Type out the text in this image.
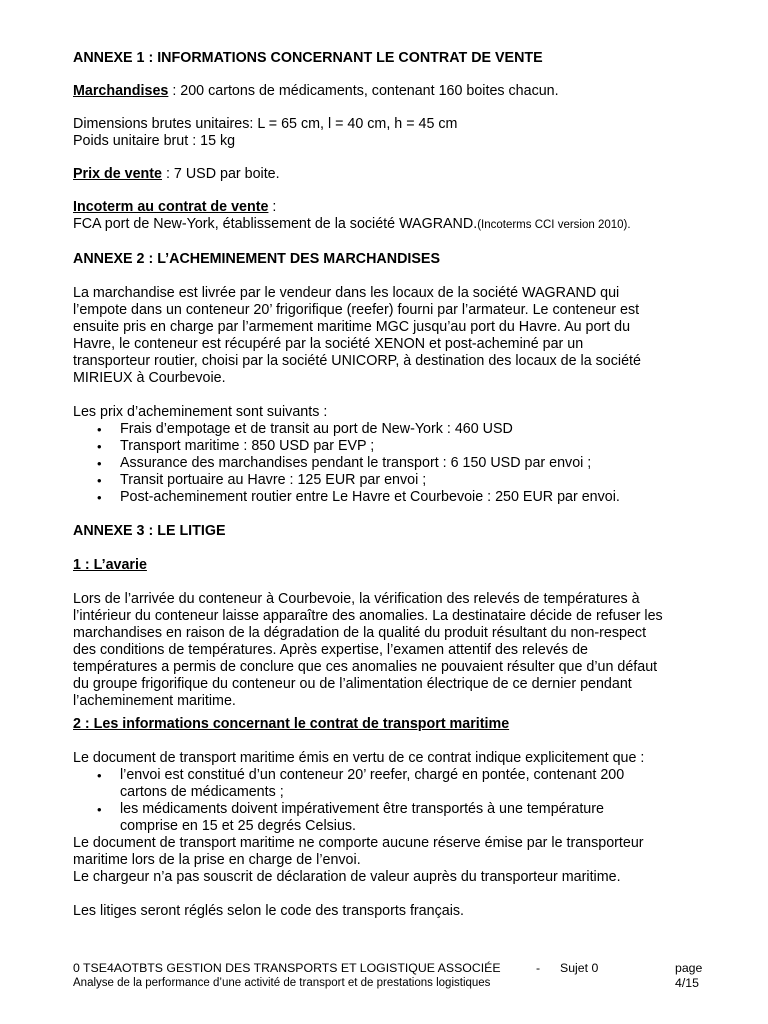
ANNEXE 1 : INFORMATIONS CONCERNANT LE CONTRAT DE VENTE

Marchandises : 200 cartons de médicaments, contenant 160 boites chacun.

Dimensions brutes unitaires: L = 65 cm, l = 40 cm, h = 45 cm

Poids unitaire brut : 15 kg

Prix de vente : 7 USD par boite.

Incoterm au contrat de vente :

FCA port de New-York, établissement de la société WAGRAND.(Incoterms CCI version 2010).

ANNEXE 2 : L’ACHEMINEMENT DES MARCHANDISES

La marchandise est livrée par le vendeur dans les locaux de la société WAGRAND qui

l’empote dans un conteneur 20’ frigorifique (reefer) fourni par l’armateur. Le conteneur est

ensuite pris en charge par l’armement maritime MGC jusqu’au port du Havre. Au port du

Havre, le conteneur est récupéré par la société XENON et post-acheminé par un

transporteur routier, choisi par la société UNICORP, à destination des locaux de la société

MIRIEUX à Courbevoie.

Les prix d’acheminement sont suivants :

• Frais d’empotage et de transit au port de New-York : 460 USD
• Transport maritime : 850 USD par EVP ;
• Assurance des marchandises pendant le transport : 6 150 USD par envoi ;
• Transit portuaire au Havre : 125 EUR par envoi ;
• Post-acheminement routier entre Le Havre et Courbevoie : 250 EUR par envoi.

ANNEXE 3 : LE LITIGE

1 : L’avarie

Lors de l’arrivée du conteneur à Courbevoie, la vérification des relevés de températures à

l’intérieur du conteneur laisse apparaître des anomalies. La destinataire décide de refuser les

marchandises en raison de la dégradation de la qualité du produit résultant du non-respect

des conditions de températures. Après expertise, l’examen attentif des relevés de

températures a permis de conclure que ces anomalies ne pouvaient résulter que d’un défaut

du groupe frigorifique du conteneur ou de l’alimentation électrique de ce dernier pendant

l’acheminement maritime.

2 : Les informations concernant le contrat de transport maritime

Le document de transport maritime émis en vertu de ce contrat indique explicitement que :

• l’envoi est constitué d’un conteneur 20’ reefer, chargé en pontée, contenant 200
cartons de médicaments ;
• les médicaments doivent impérativement être transportés à une température
comprise en 15 et 25 degrés Celsius.

Le document de transport maritime ne comporte aucune réserve émise par le transporteur

maritime lors de la prise en charge de l’envoi.

Le chargeur n’a pas souscrit de déclaration de valeur auprès du transporteur maritime.

Les litiges seront réglés selon le code des transports français.

0 TSE4AOTBTS GESTION DES TRANSPORTS ET LOGISTIQUE ASSOCIÉE	- Sujet 0	page 4/15
Analyse de la performance d’une activité de transport et de prestations logistiques
